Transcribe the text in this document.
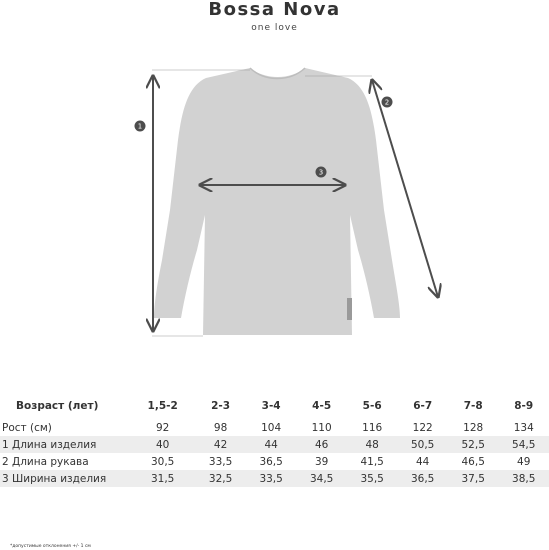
Bossa Nova
one love
1
2
3
Возраст (лет)	1,5-2	2-3	3-4	4-5	5-6	6-7	7-8	8-9

Рост (см)	92	98	104	110	116	122	128	134
1 Длина изделия	40	42	44	46	48	50,5	52,5	54,5
2 Длина рукава	30,5	33,5	36,5	39	41,5	44	46,5	49
3 Ширина изделия	31,5	32,5	33,5	34,5	35,5	36,5	37,5	38,5
*допустимые отклонения +/- 1 см
